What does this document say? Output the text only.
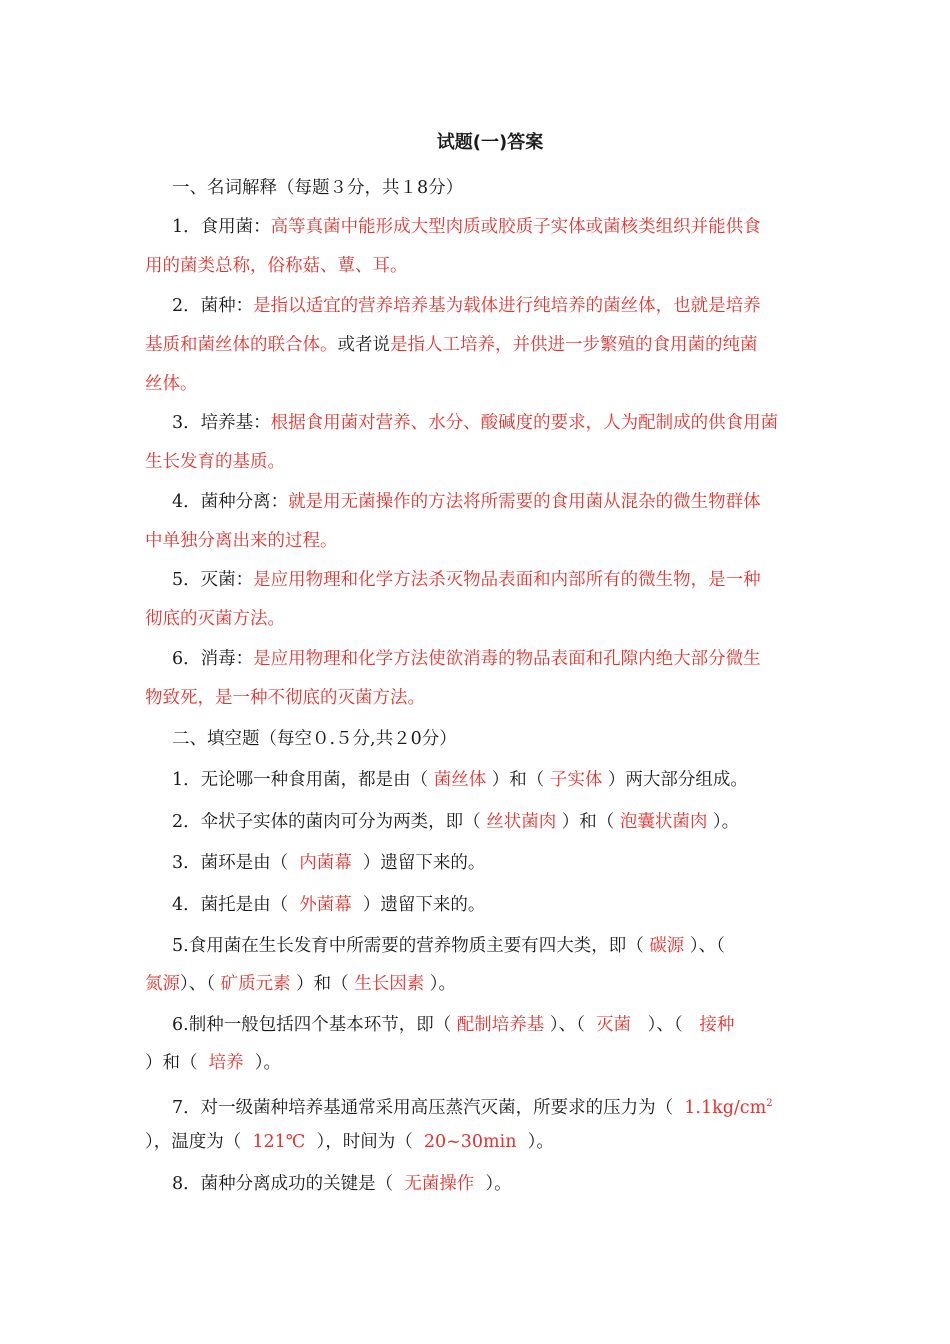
试题(一)答案
一、名词解释（每题３分，共１8分）
1．食用菌：高等真菌中能形成大型肉质或胶质子实体或菌核类组织并能供食
用的菌类总称，俗称菇、蕈、耳。
2．菌种：是指以适宜的营养培养基为载体进行纯培养的菌丝体，也就是培养
基质和菌丝体的联合体。或者说是指人工培养，并供进一步繁殖的食用菌的纯菌
丝体。
3．培养基：根据食用菌对营养、水分、酸碱度的要求，人为配制成的供食用菌
生长发育的基质。
4．菌种分离：就是用无菌操作的方法将所需要的食用菌从混杂的微生物群体
中单独分离出来的过程。
5．灭菌：是应用物理和化学方法杀灭物品表面和内部所有的微生物，是一种
彻底的灭菌方法。
6．消毒：是应用物理和化学方法使欲消毒的物品表面和孔隙内绝大部分微生
物致死，是一种不彻底的灭菌方法。
二、填空题（每空０.５分,共２0分）
1．无论哪一种食用菌，都是由（ 菌丝体 ）和（ 子实体 ）两大部分组成。
2．伞状子实体的菌肉可分为两类，即（ 丝状菌肉 ）和（ 泡囊状菌肉 ）。
3．菌环是由（  内菌幕  ）遗留下来的。
4．菌托是由（  外菌幕  ）遗留下来的。
5.食用菌在生长发育中所需要的营养物质主要有四大类，即（ 碳源 ）、（
氮源）、（ 矿质元素 ）和（ 生长因素 ）。
6.制种一般包括四个基本环节，即（ 配制培养基 ）、（  灭菌   ）、（   接种
）和（  培养  ）。
7．对一级菌种培养基通常采用高压蒸汽灭菌，所要求的压力为（  $1.1kg/cm^2$
），温度为（  121℃  ），时间为（  20~30min  ）。
8．菌种分离成功的关键是（  无菌操作  ）。
